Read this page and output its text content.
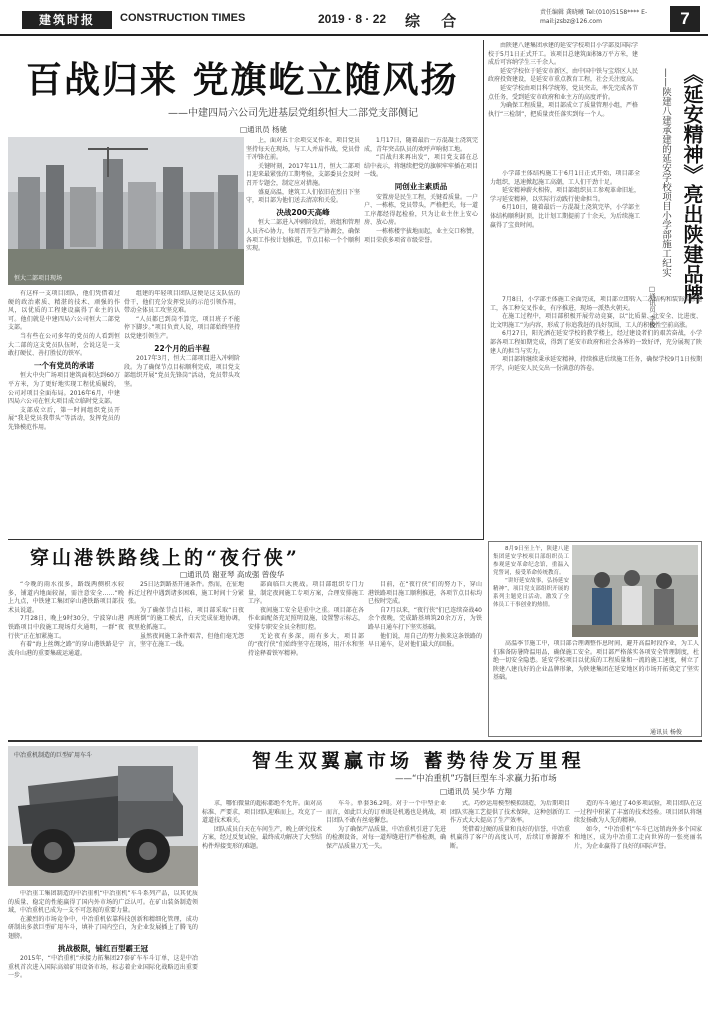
建筑时报	CONSTRUCTION TIMES	2019 · 8 · 22 综 合	责任编辑 龚晓曦 Tel:(010)5158**** E-mail:jzsbz@126.com	7
百战归来 党旗屹立随风扬
——中建四局六公司先进基层党组织恒大二部党支部侧记
□通讯员 杨驰
恒大二部项目现场

有这样一支项目团队，他们凭借着过硬的政治素质、精湛的技术、顽强的作风，以优质的工程建设赢得了业主的认可。他们就是中建四局六公司恒大二部党支部。

当有些在公司多年的党员的人看到恒大二部的这支党员队伍时，会说这是一支敢打硬仗、善打胜仗的铁军。

一个有党员的承诺

恒大中央广场项目建筑面积达到60万平方米，为了更好地实现工程优质履约，公司对项目全面布局。2016年6月，中建四局六公司在恒大项目成立临时党支部。

支部成立后，第一时间组织党员开展“我是党员我带头”等活动，发挥党员的先锋模范作用。

组建的年轻项目团队这便是这支队伍的骨干，他们充分发挥党员的示范引领作用，带动全体员工攻坚克难。

“人员都已到岗不算完，项目班子不能停下脚步。”项目负责人说，项目部始终坚持以党建引领生产。

22个月的后半程

2017年3月，恒大二部项目进入冲刺阶段。为了确保节点目标顺利完成，项目党支部组织开展“党员先锋岗”活动，党员带头攻坚。

上，面对五十余项交叉作业，项目党员坚持每天在现场，与工人并肩作战，党员骨干冲锋在前。

关键时刻，2017年11月，恒大二部项目迎来最紧张的工期考验，支部委员会及时召开专题会，制定应对措施。

盛夏高温，建筑工人们依旧在烈日下坚守，项目部为他们送去清凉和关爱。

决战200天高峰

恒大二部进入冲刺阶段后，班组和管理人员齐心协力，每周召开生产协调会，确保各项工作按计划推进，节点目标一个个顺利实现。

1月17日，随着最后一方混凝土浇筑完成，青年突击队员的欢呼声响彻工地。

“百战归来再出发”，项目党支部在总结中表示，将继续把党的旗帜牢牢插在项目一线。

同创业主素质品

安置房是民生工程，关键看质量。一户户、一栋栋，党员带头，严格把关，每一道工序都经得起检验，只为让业主住上安心房、放心房。

一栋栋楼宇拔地而起，业主交口称赞，项目荣获多项省市级荣誉。

由陕建八建集团承建的延安学校项目小学部及国际学校于5月1日正式开工。该项目总建筑面积8万平方米，建成后可容纳学生三千余人。

延安学校位于延安市新区，由中国中铁与宝塔区人民政府投资建设，是延安市重点教育工程，社会关注度高。

延安学校由项目科学统筹，党员突击，率先完成各节点任务，受到延安市政府和业主方的高度评价。

为确保工程质量，项目部成立了质量管理小组，严格执行“三检制”，把质量责任落实到每一个人。

小学部主体结构施工于6月1日正式开始，项目部全力组织，迅速掀起施工高潮，工人们干劲十足。

延安精神薪火相传，项目部组织员工参观革命旧址，学习延安精神，以实际行动践行使命担当。

6月10日，随着最后一方混凝土浇筑完毕，小学部主体结构顺利封顶，比计划工期提前了十余天，为后续施工赢得了宝贵时间。	《延安精神》亮出陕建品牌
——陕建八建承建的延安学校项目小学部施工纪实
□通讯员 李俊

7月8日，小学部主体施工全面完成，项目部立即转入二次结构和装饰装修施工，各工种交叉作业，有序推进，现场一派热火朝天。

在施工过程中，项目部积极开展劳动竞赛，以“比质量、比安全、比进度、比文明施工”为内容，形成了你追我赶的良好氛围，工人的积极性空前高涨。

6月27日，阳光洒在延安学校的教学楼上，经过建设者们的艰苦奋战，小学部各项工程如期完成，得到了延安市政府和社会各界的一致好评，充分展现了陕建人的担当与实力。

项目部将继续秉承延安精神，持续推进后续施工任务，确保学校9月1日按期开学，向延安人民交出一份满意的答卷。

穿山港铁路线上的“夜行侠”
□通讯员 谢亚琴 高成强 曾俊华

“今晚的雨水很多，路线两侧积水较多，铺道内地面较湿，需注意安全……”晚上九点，中铁建工集团穿山港铁路项目部技术员说道。

7月28日，晚上9时30分，宁波穿山港铁路项目中段施工现场灯火通明，一群“夜行侠”正在加紧施工。

有着“海上丝绸之路”的穿山港铁路是宁波舟山港的重要集疏运通道。

25日达到路基开通条件。然而，在征地拆迁过程中遇到诸多困难，施工时间十分紧张。

为了确保节点目标，项目部采取“日夜两班倒”的施工模式，白天完成征地协调，夜里抢抓施工。

虽然夜间施工条件艰苦，但他们毫无怨言，坚守在施工一线。

部面临巨大挑战。项目部组织专门力量，制定夜间施工专项方案，合理安排施工工序。

夜间施工安全是重中之重。项目部在各作业面配备充足照明设施，设置警示标志，安排专职安全员全程盯控。

无论夜有多深，雨有多大，项目部的“夜行侠”们始终坚守在现场，用汗水和坚持诠释着铁军精神。

目前，在“夜行侠”们的努力下，穿山港铁路项目施工顺利推进，各项节点目标均已按时完成。

自7月以来，“夜行侠”们已连续奋战40余个夜晚，完成路基填筑20余万方，为铁路早日通车打下坚实基础。

他们说，用自己的努力换来这条铁路的早日通车，是对他们最大的回报。

8月9日至上午，陕建八建集团延安学校项目部组织员工参观延安革命纪念馆，重温入党誓词，接受革命传统教育。

“讲好延安故事，弘扬延安精神”，项目党支部组织开展的系列主题党日活动，激发了全体员工干事创业的热情。

高温季节施工中，项目部合理调整作息时间，避开高温时段作业，为工人们准备防暑降温用品，确保施工安全。项目部严格落实各项安全管理制度，杜绝一切安全隐患。延安学校项目以优质的工程质量和一流的施工速度，树立了陕建八建良好的企业品牌形象，为陕建集团在延安地区的市场开拓奠定了坚实基础。

通讯员 杨俊
中冶重机制造的巨型矿用车斗	智生双翼赢市场 蓄势待发万里程
——“中冶重机”巧制巨型车斗求赢力拓市场
□通讯员 吴少华 方翔

中冶重工集团制造的中冶重机“中冶重机”车斗系列产品，以其优质的质量、稳定的性能赢得了国内外市场的广泛认可。在矿山装备制造领域，中冶重机已成为一支不可忽视的重要力量。

在激烈的市场竞争中，中冶重机依靠科技创新和精细化管理，成功研制出多款巨型矿用车斗，填补了国内空白，为企业发展插上了腾飞的翅膀。

挑战极限，铺红百型霸王冠

2015年，“中冶重机”承接力拓集团27套矿车车斗订单，这是中冶重机首次进入国际高端矿用设备市场，标志着企业国际化战略迈出重要一步。

求，哪怕微量的超标都绝不允许。面对高标准、严要求，项目团队迎难而上，攻克了一道道技术难关。

团队成员白天在车间生产，晚上研究技术方案，经过反复试验，最终成功解决了大型结构件焊接变形的难题。

车斗。单套36.2吨。对于一个中型企业而言，如此巨大的订单既是机遇也是挑战，项目团队不敢有丝毫懈怠。

为了确保产品质量，中冶重机引进了先进的检测设备，对每一道焊缝进行严格检测，确保产品质量万无一失。

式。巧妙运用模型模拟制造，为后期项目团队实施工艺提供了技术保障，这种创新的工作方式大大提高了生产效率。

凭借着过硬的质量和良好的信誉，中冶重机赢得了客户的高度认可，后续订单源源不断。

造的车斗通过了40多项试验，项目团队在这一过程中积累了丰富的技术经验。项目团队将继续发扬敢为人先的精神。

如今，“中冶重机”车斗已远销海外多个国家和地区，成为中冶重工走向世界的一张亮丽名片，为企业赢得了良好的国际声誉。
